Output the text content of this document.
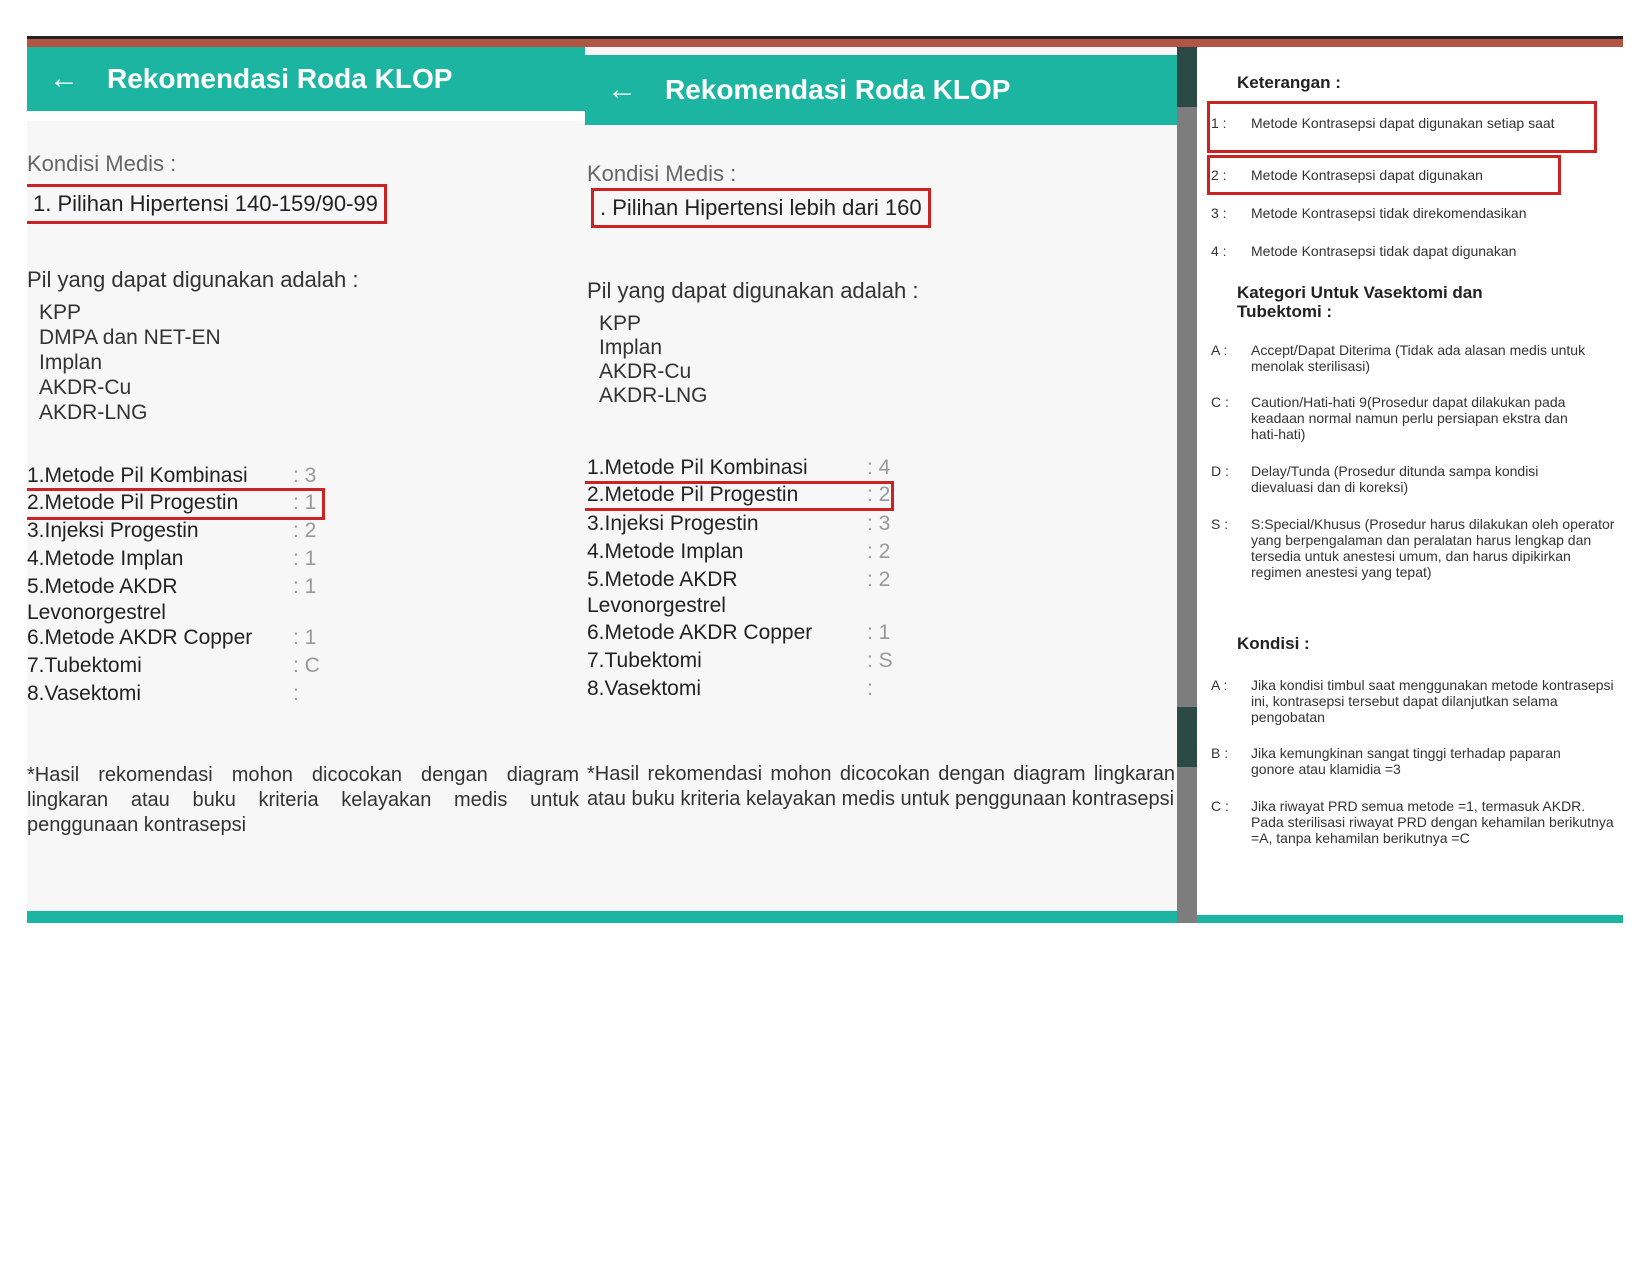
← Rekomendasi Roda KLOP
Kondisi Medis :
1. Pilihan Hipertensi 140-159/90-99
Pil yang dapat digunakan adalah :
KPP
DMPA dan NET-EN
Implan
AKDR-Cu
AKDR-LNG
1.Metode Pil Kombinasi : 3
2.Metode Pil Progestin	: 1
3.Injeksi Progestin	: 2
4.Metode Implan	: 1
5.Metode AKDR	: 1
Levonorgestrel
6.Metode AKDR Copper : 1
7.Tubektomi	: C
8.Vasektomi	:
*Hasil rekomendasi mohon dicocokan dengan diagram lingkaran atau buku kriteria kelayakan medis untuk penggunaan kontrasepsi
← Rekomendasi Roda KLOP
Kondisi Medis :
. Pilihan Hipertensi lebih dari 160
Pil yang dapat digunakan adalah :
KPP
Implan
AKDR-Cu
AKDR-LNG
1.Metode Pil Kombinasi	: 4
2.Metode Pil Progestin	: 2
3.Injeksi Progestin	: 3
4.Metode Implan	: 2
5.Metode AKDR	: 2
Levonorgestrel
6.Metode AKDR Copper	: 1
7.Tubektomi	: S
8.Vasektomi	:
*Hasil rekomendasi mohon dicocokan dengan diagram lingkaran atau buku kriteria kelayakan medis untuk penggunaan kontrasepsi
Keterangan :
1 : Metode Kontrasepsi dapat digunakan setiap saat
2 : Metode Kontrasepsi dapat digunakan
3 : Metode Kontrasepsi tidak direkomendasikan
4 : Metode Kontrasepsi tidak dapat digunakan
Kategori Untuk Vasektomi dan Tubektomi :
A : Accept/Dapat Diterima (Tidak ada alasan medis untuk menolak sterilisasi)
C : Caution/Hati-hati 9(Prosedur dapat dilakukan pada keadaan normal namun perlu persiapan ekstra dan hati-hati)
D : Delay/Tunda (Prosedur ditunda sampa kondisi dievaluasi dan di koreksi)
S : S:Special/Khusus (Prosedur harus dilakukan oleh operator yang berpengalaman dan peralatan harus lengkap dan tersedia untuk anestesi umum, dan harus dipikirkan regimen anestesi yang tepat)
Kondisi :
A : Jika kondisi timbul saat menggunakan metode kontrasepsi ini, kontrasepsi tersebut dapat dilanjutkan selama pengobatan
B : Jika kemungkinan sangat tinggi terhadap paparan gonore atau klamidia =3
C : Jika riwayat PRD semua metode =1, termasuk AKDR. Pada sterilisasi riwayat PRD dengan kehamilan berikutnya =A, tanpa kehamilan berikutnya =C
